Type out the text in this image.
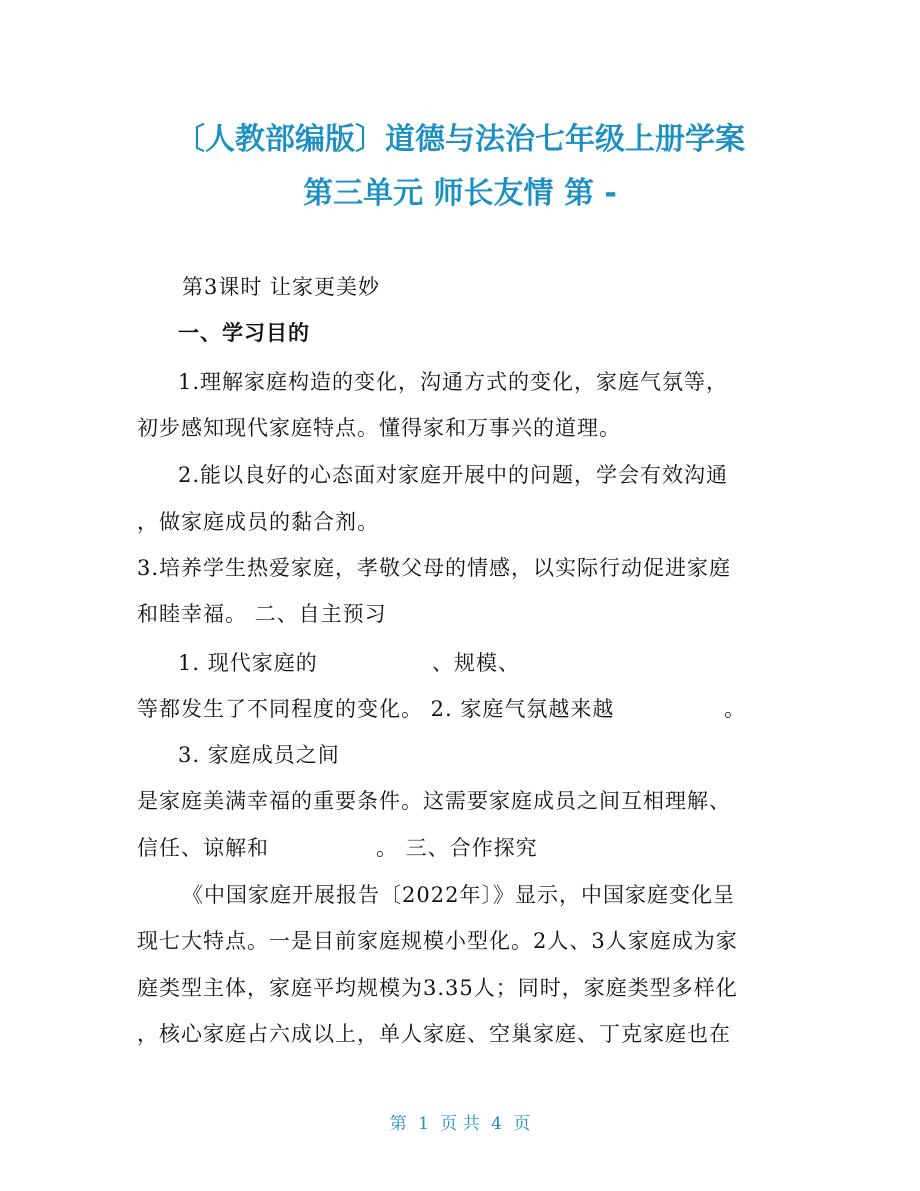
〔人教部编版〕道德与法治七年级上册学案
第三单元 师长友情 第 -
第3课时 让家更美妙
一、学习目的
1.理解家庭构造的变化，沟通方式的变化，家庭气氛等，
初步感知现代家庭特点。懂得家和万事兴的道理。
2.能以良好的心态面对家庭开展中的问题，学会有效沟通
，做家庭成员的黏合剂。
3.培养学生热爱家庭，孝敬父母的情感，以实际行动促进家庭
和睦幸福。 二、自主预习
1. 现代家庭的	、规模、
等都发生了不同程度的变化。 2. 家庭气氛越来越	。
3. 家庭成员之间
是家庭美满幸福的重要条件。这需要家庭成员之间互相理解、
信任、谅解和	。 三、合作探究
《中国家庭开展报告〔2022年〕》显示，中国家庭变化呈
现七大特点。一是目前家庭规模小型化。2人、3人家庭成为家
庭类型主体，家庭平均规模为3.35人；同时，家庭类型多样化
，核心家庭占六成以上，单人家庭、空巢家庭、丁克家庭也在
第 1 页 共 4 页
